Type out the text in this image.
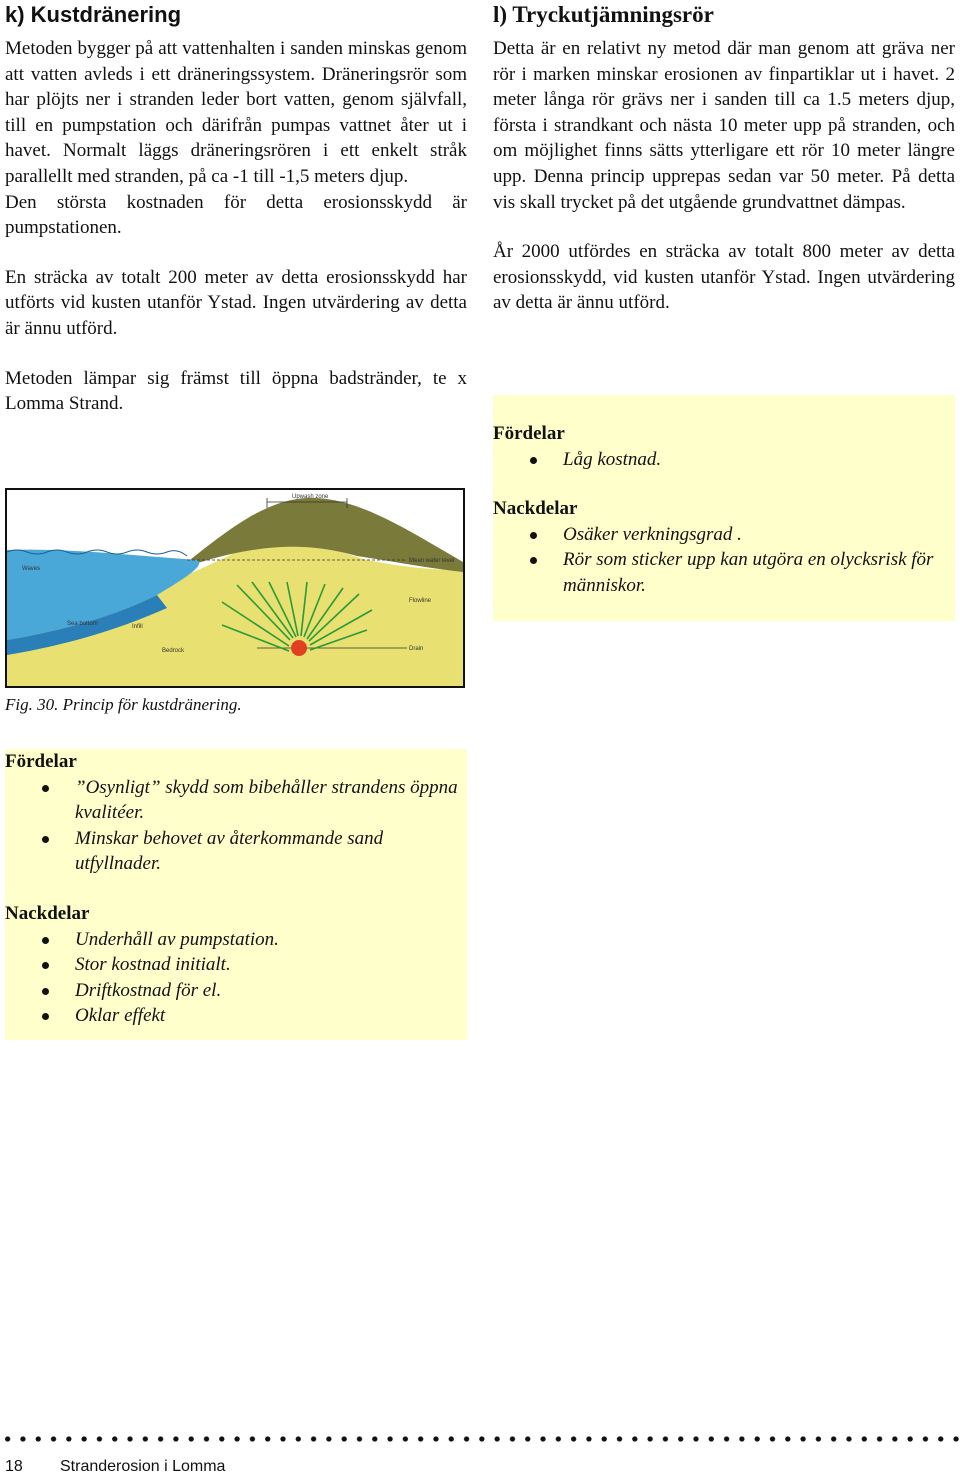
k) Kustdränering

Metoden bygger på att vattenhalten i sanden minskas genom att vatten avleds i ett dräneringssystem. Dräneringsrör som har plöjts ner i stranden leder bort vatten, genom självfall, till en pumpstation och därifrån pumpas vattnet åter ut i havet. Normalt läggs dräneringsrören i ett enkelt stråk parallellt med stranden, på ca -1 till -1,5 meters djup.

Den största kostnaden för detta erosionsskydd är pumpstationen.

En sträcka av totalt 200 meter av detta erosionsskydd har utförts vid kusten utanför Ystad. Ingen utvärdering av detta är ännu utförd.

Metoden lämpar sig främst till öppna badstränder, te x Lomma Strand.

Upwash zone
Waves
Mean water level
Flowline
Sea bottom	Infill
Bedrock	Drain
Fig. 30. Princip för kustdränering.
Fördelar
”Osynligt” skydd som bibehåller strandens öppna kvalitéer.
Minskar behovet av återkommande sand utfyllnader.
Nackdelar
Underhåll av pumpstation.
Stor kostnad initialt.
Driftkostnad för el.
Oklar effekt
l) Tryckutjämningsrör

Detta är en relativt ny metod där man genom att gräva ner rör i marken minskar erosionen av finpartiklar ut i havet. 2 meter långa rör grävs ner i sanden till ca 1.5 meters djup, första i strandkant och nästa 10 meter upp på stranden, och om möjlighet finns sätts ytterligare ett rör 10 meter längre upp. Denna princip upprepas sedan var 50 meter. På detta vis skall trycket på det utgående grundvattnet dämpas.

År 2000 utfördes en sträcka av totalt 800 meter av detta erosionsskydd, vid kusten utanför Ystad. Ingen utvärdering av detta är ännu utförd.

Fördelar
Låg kostnad.
Nackdelar
Osäker verkningsgrad .
Rör som sticker upp kan utgöra en olycksrisk för människor.
18 Stranderosion i Lomma
